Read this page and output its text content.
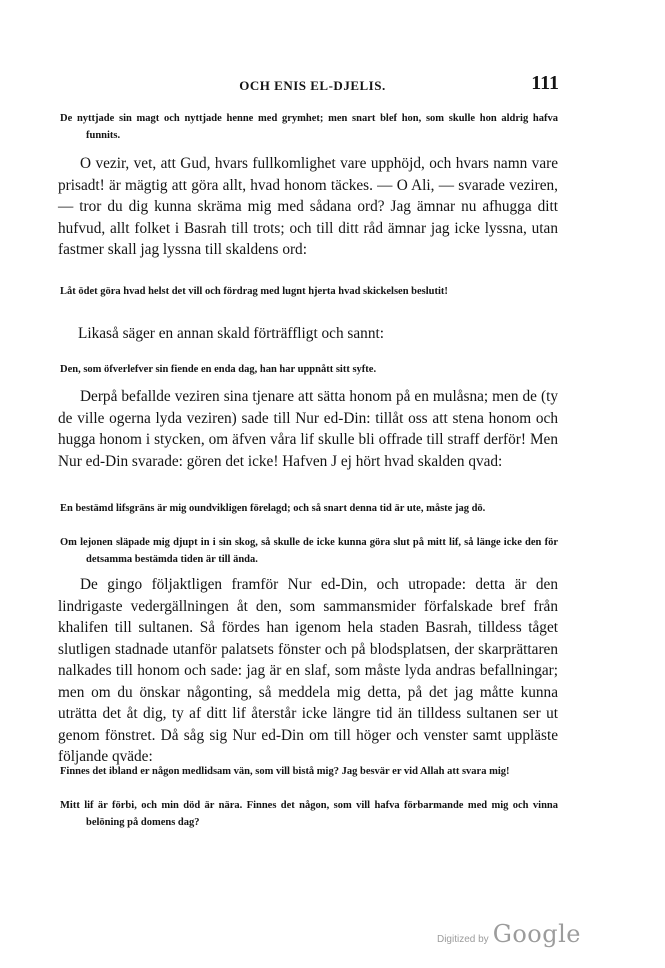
OCH ENIS EL-DJELIS.	111
De nyttjade sin magt och nyttjade henne med grymhet; men snart blef hon, som skulle hon aldrig hafva funnits.
O vezir, vet, att Gud, hvars fullkomlighet vare upphöjd, och hvars namn vare prisadt! är mägtig att göra allt, hvad honom täckes. — O Ali, — svarade veziren, — tror du dig kunna skräma mig med sådana ord? Jag ämnar nu afhugga ditt hufvud, allt folket i Basrah till trots; och till ditt råd ämnar jag icke lyssna, utan fastmer skall jag lyssna till skaldens ord:
Låt ödet göra hvad helst det vill och fördrag med lugnt hjerta hvad skickelsen beslutit!
Likaså säger en annan skald förträffligt och sannt:
Den, som öfverlefver sin fiende en enda dag, han har uppnått sitt syfte.
Derpå befallde veziren sina tjenare att sätta honom på en mulåsna; men de (ty de ville ogerna lyda veziren) sade till Nur ed-Din: tillåt oss att stena honom och hugga honom i stycken, om äfven våra lif skulle bli offrade till straff derför! Men Nur ed-Din svarade: gören det icke! Hafven J ej hört hvad skalden qvad:
En bestämd lifsgräns är mig oundvikligen förelagd; och så snart denna tid är ute, måste jag dö.
Om lejonen släpade mig djupt in i sin skog, så skulle de icke kunna göra slut på mitt lif, så länge icke den för detsamma bestämda tiden är till ända.
De gingo följaktligen framför Nur ed-Din, och utropade: detta är den lindrigaste vedergällningen åt den, som sammansmider förfalskade bref från khalifen till sultanen. Så fördes han igenom hela staden Basrah, tilldess tåget slutligen stadnade utanför palatsets fönster och på blodsplatsen, der skarprättaren nalkades till honom och sade: jag är en slaf, som måste lyda andras befallningar; men om du önskar någonting, så meddela mig detta, på det jag måtte kunna uträtta det åt dig, ty af ditt lif återstår icke längre tid än tilldess sultanen ser ut genom fönstret. Då såg sig Nur ed-Din om till höger och venster samt uppläste följande qväde:
Finnes det ibland er någon medlidsam vän, som vill bistå mig? Jag besvär er vid Allah att svara mig!
Mitt lif är förbi, och min död är nära. Finnes det någon, som vill hafva förbarmande med mig och vinna belöning på domens dag?
Digitized by Google
